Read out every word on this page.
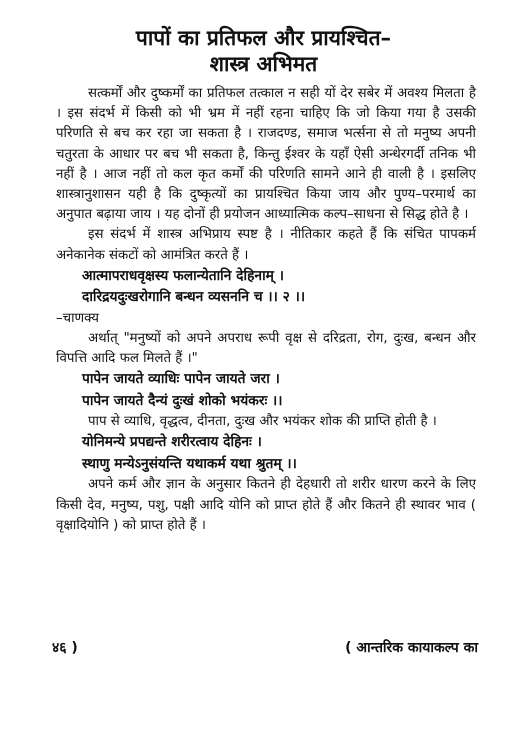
पापों का प्रतिफल और प्रायश्चित–
शास्त्र अभिमत

सत्कर्मों और दुष्कर्मों का प्रतिफल तत्काल न सही यों देर सबेर में अवश्य मिलता है । इस संदर्भ में किसी को भी भ्रम में नहीं रहना चाहिए कि जो किया गया है उसकी परिणति से बच कर रहा जा सकता है । राजदण्ड, समाज भर्त्सना से तो मनुष्य अपनी चतुरता के आधार पर बच भी सकता है, किन्तु ईश्वर के यहाँ ऐसी अन्धेरगर्दी तनिक भी नहीं है । आज नहीं तो कल कृत कर्मों की परिणति सामने आने ही वाली है । इसलिए शास्त्रानुशासन यही है कि दुष्कृत्यों का प्रायश्चित किया जाय और पुण्य–परमार्थ का अनुपात बढ़ाया जाय । यह दोनों ही प्रयोजन आध्यात्मिक कल्प–साधना से सिद्ध होते है ।

इस संदर्भ में शास्त्र अभिप्राय स्पष्ट है । नीतिकार कहते हैं कि संचित पापकर्म अनेकानेक संकटों को आमंत्रित करते हैं ।

आत्मापराधवृक्षस्य फलान्येतानि देहिनाम् ।

दारिद्रयदुःखरोगानि बन्धन व्यसननि च ।। २ ।।

–चाणक्य

अर्थात् "मनुष्यों को अपने अपराध रूपी वृक्ष से दरिद्रता, रोग, दुःख, बन्धन और विपत्ति आदि फल मिलते हैं ।"

पापेन जायते व्याधिः पापेन जायते जरा ।

पापेन जायते दैन्यं दुःखं शोको भयंकरः ।।

पाप से व्याधि, वृद्धत्व, दीनता, दुःख और भयंकर शोक की प्राप्ति होती है ।

योनिमन्ये प्रपद्यन्ते शरीरत्वाय देहिनः ।

स्थाणु मन्येऽनुसंयन्ति यथाकर्म यथा श्रुतम् ।।

अपने कर्म और ज्ञान के अनुसार कितने ही देहधारी तो शरीर धारण करने के लिए किसी देव, मनुष्य, पशु, पक्षी आदि योनि को प्राप्त होते हैं और कितने ही स्थावर भाव ( वृक्षादियोनि ) को प्राप्त होते हैं ।

४६ )	( आन्तरिक कायाकल्प का
